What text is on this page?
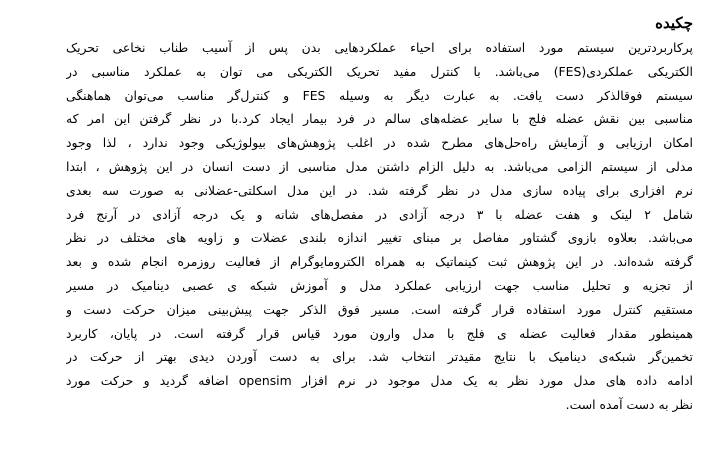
چکیده
پرکاربردترین سیستم مورد استفاده برای احیاء عملکردهایی بدن پس از آسیب طناب نخاعی تحریک
الکتریکی عملکردی(FES) می‌باشد. با کنترل مفید تحریک الکتریکی می توان به عملکرد مناسبی در
سیستم فوقالذکر دست یافت. به عبارت دیگر به وسیله FES و کنترل‌گر مناسب می‌توان هماهنگی
مناسبی بین نقش عضله فلج با سایر عضله‌های سالم در فرد بیمار ایجاد کرد.با در نظر گرفتن این امر که
امکان ارزیابی و آزمایش راه‌حل‌های مطرح شده در اغلب پژوهش‌های بیولوژیکی وجود ندارد ، لذا وجود
مدلی از سیستم الزامی می‌باشد. به دلیل الزام داشتن مدل مناسبی از دست انسان در این پژوهش ، ابتدا
نرم افزاری برای پیاده سازی مدل در نظر گرفته شد. در این مدل اسکلتی-عضلانی به صورت سه بعدی
شامل ۲ لینک و هفت عضله با ۳ درجه آزادی در مفصل‌های شانه و یک درجه آزادی در آرنج فرد
می‌باشد. بعلاوه بازوی گشتاور مفاصل بر مبنای تغییر اندازه بلندی عضلات و زاویه های مختلف در نظر
گرفته شده‌اند. در این پژوهش ثبت کینماتیک به همراه الکترومایوگرام از فعالیت روزمره انجام شده و بعد
از تجزیه و تحلیل مناسب جهت ارزیابی عملکرد مدل و آموزش شبکه ی عصبی دینامیک در مسیر
مستقیم کنترل مورد استفاده قرار گرفته است. مسیر فوق الذکر جهت پیش‌بینی میزان حرکت دست و
همینطور مقدار فعالیت عضله ی فلج با مدل وارون مورد قیاس قرار گرفته است. در پایان، کاربرد
تخمین‌گر شبکه‌ی دینامیک با نتایج مقیدتر انتخاب شد. برای به دست آوردن دیدی بهتر از حرکت در
ادامه داده های مدل مورد نظر به یک مدل موجود در نرم افزار opensim اضافه گردید و حرکت مورد
نظر به دست آمده است.
